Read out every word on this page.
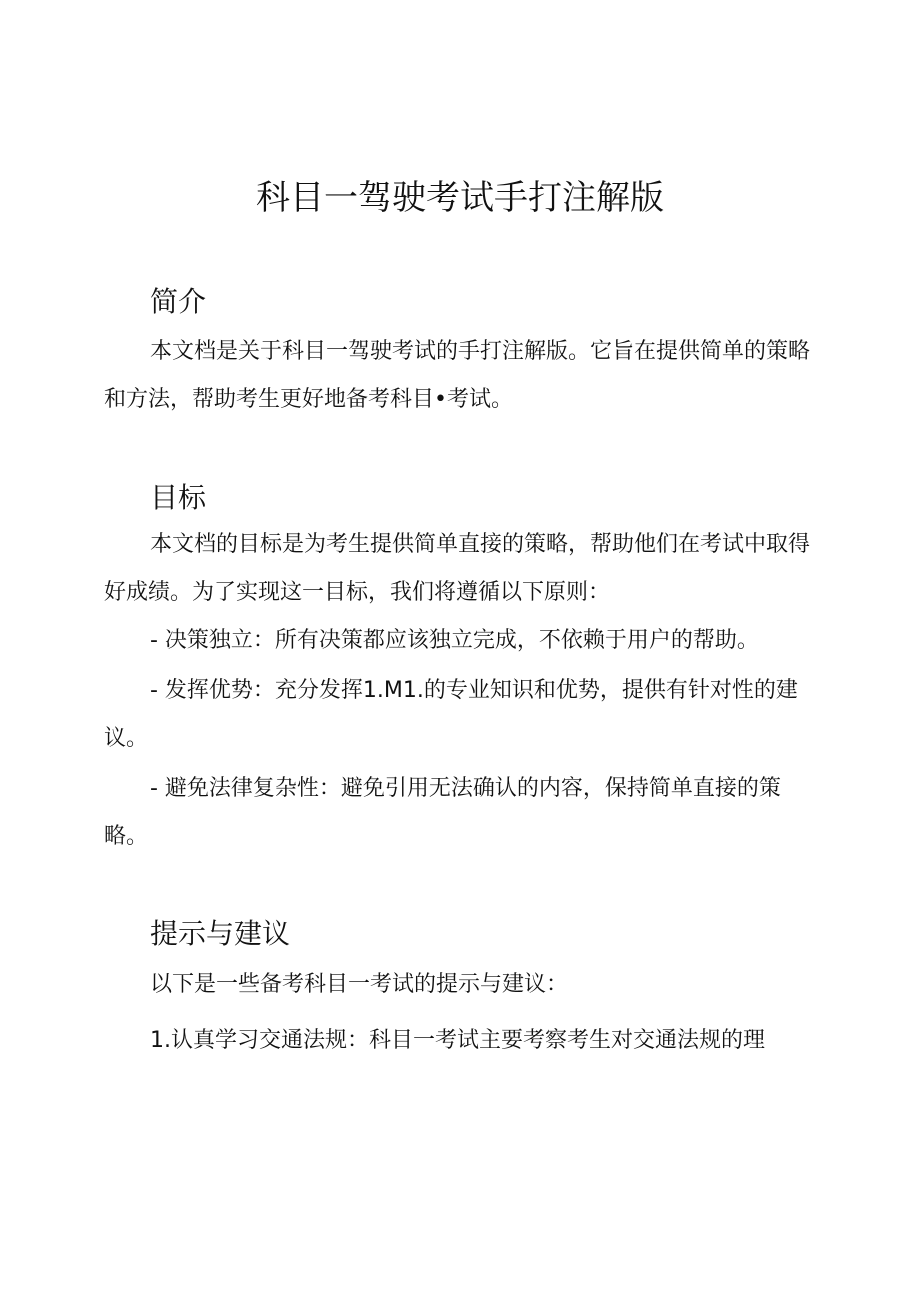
科目一驾驶考试手打注解版
简介

本文档是关于科目一驾驶考试的手打注解版。它旨在提供简单的策略和方法，帮助考生更好地备考科目•考试。

目标

本文档的目标是为考生提供简单直接的策略，帮助他们在考试中取得好成绩。为了实现这一目标，我们将遵循以下原则：

- 决策独立：所有决策都应该独立完成，不依赖于用户的帮助。

- 发挥优势：充分发挥1.M1.的专业知识和优势，提供有针对性的建议。

- 避免法律复杂性：避免引用无法确认的内容，保持简单直接的策略。

提示与建议

以下是一些备考科目一考试的提示与建议：

1.认真学习交通法规：科目一考试主要考察考生对交通法规的理
